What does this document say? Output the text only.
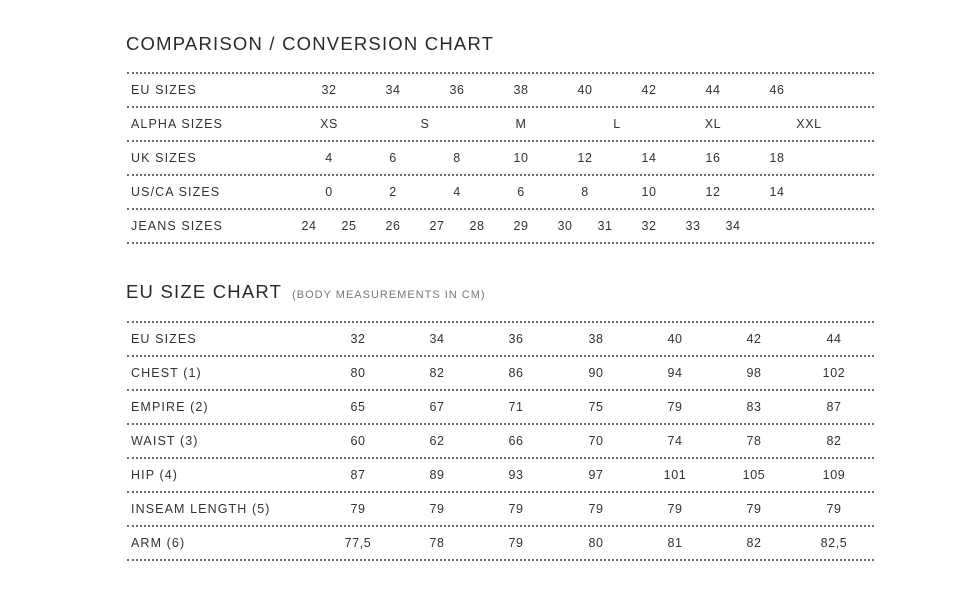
COMPARISON / CONVERSION CHART
EU SIZES	32	34	36	38	40	42	44	46
ALPHA SIZES	XS	S	M	L	XL	XXL
UK SIZES	4	6	8	10	12	14	16	18
US/CA SIZES	0	2	4	6	8	10	12	14
JEANS SIZES	24 25 26 27 28 29 30 31 32 33 34
EU SIZE CHART (BODY MEASUREMENTS IN CM)
EU SIZES	32	34	36	38	40	42	44
CHEST (1)	80	82	86	90	94	98	102
EMPIRE (2)	65	67	71	75	79	83	87
WAIST (3)	60	62	66	70	74	78	82
HIP (4)	87	89	93	97	101	105	109
INSEAM LENGTH (5)	79	79	79	79	79	79	79
ARM (6)	77,5	78	79	80	81	82	82,5
